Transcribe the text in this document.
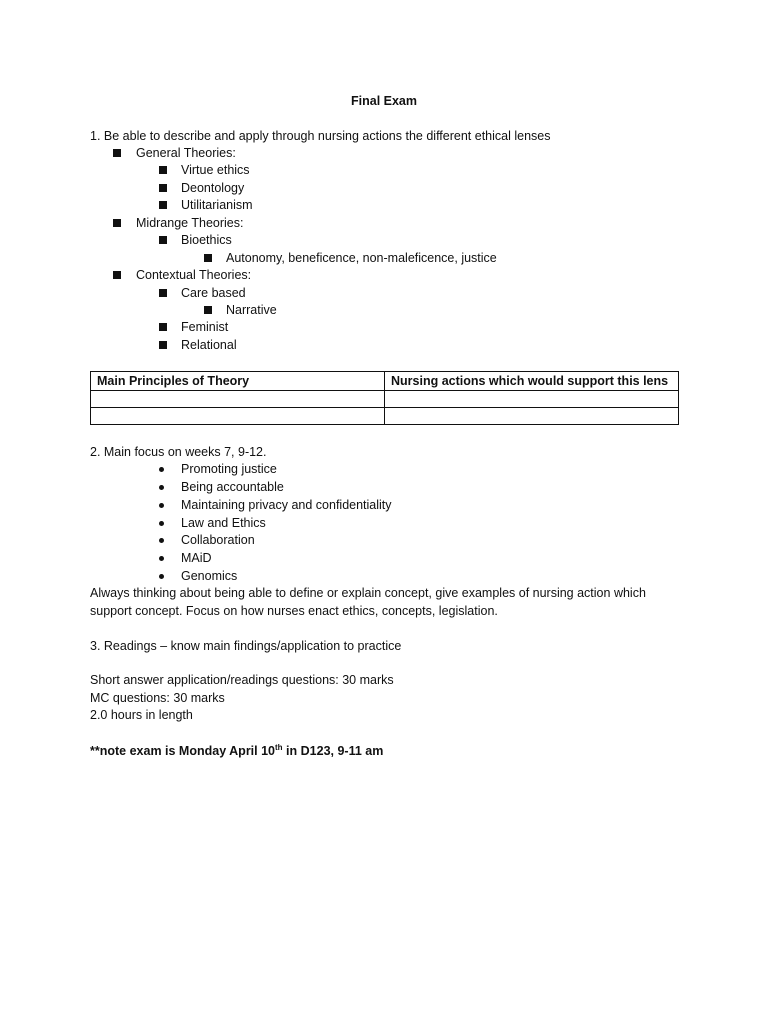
Final Exam
1. Be able to describe and apply through nursing actions the different ethical lenses
General Theories:
Virtue ethics
Deontology
Utilitarianism
Midrange Theories:
Bioethics
Autonomy, beneficence, non-maleficence, justice
Contextual Theories:
Care based
Narrative
Feminist
Relational
Main Principles of Theory	Nursing actions which would support this lens

2. Main focus on weeks 7, 9-12.
Promoting justice
Being accountable
Maintaining privacy and confidentiality
Law and Ethics
Collaboration
MAiD
Genomics
Always thinking about being able to define or explain concept, give examples of nursing action which
support concept. Focus on how nurses enact ethics, concepts, legislation.
3. Readings – know main findings/application to practice
Short answer application/readings questions: 30 marks
MC questions: 30 marks
2.0 hours in length
**note exam is Monday April 10th in D123, 9-11 am
